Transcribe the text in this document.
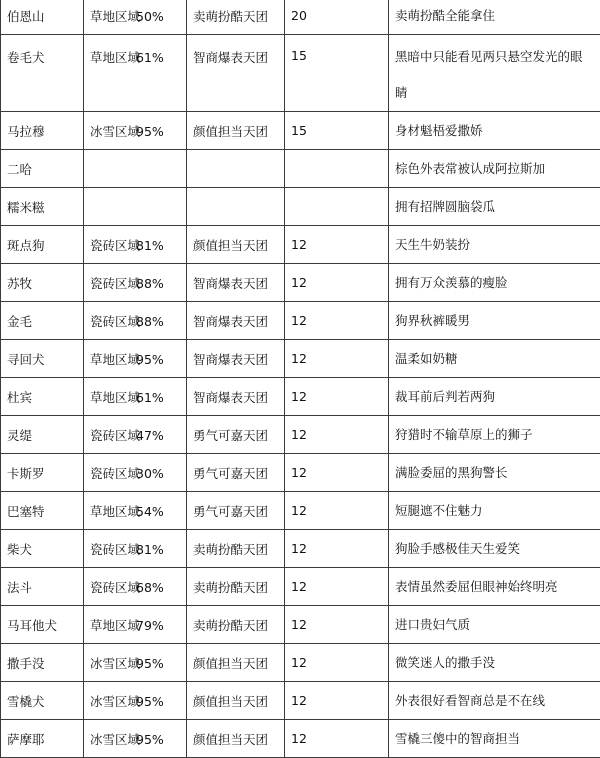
伯恩山	草地区域50%	卖萌扮酷天团	20	卖萌扮酷全能拿住
卷毛犬	草地区域61%	智商爆表天团	15	黑暗中只能看见两只悬空发光的眼睛
马拉穆	冰雪区域95%	颜值担当天团	15	身材魁梧爱撒娇
二哈				棕色外表常被认成阿拉斯加
糯米糍				拥有招牌圆脑袋瓜
斑点狗	瓷砖区域81%	颜值担当天团	12	天生牛奶装扮
苏牧	瓷砖区域88%	智商爆表天团	12	拥有万众羡慕的瘦脸
金毛	瓷砖区域88%	智商爆表天团	12	狗界秋裤暖男
寻回犬	草地区域95%	智商爆表天团	12	温柔如奶糖
杜宾	草地区域61%	智商爆表天团	12	裁耳前后判若两狗
灵缇	瓷砖区域47%	勇气可嘉天团	12	狩猎时不输草原上的狮子
卡斯罗	瓷砖区域30%	勇气可嘉天团	12	满脸委屈的黑狗警长
巴塞特	草地区域54%	勇气可嘉天团	12	短腿遮不住魅力
柴犬	瓷砖区域81%	卖萌扮酷天团	12	狗脸手感极佳天生爱笑
法斗	瓷砖区域68%	卖萌扮酷天团	12	表情虽然委屈但眼神始终明亮
马耳他犬	草地区域79%	卖萌扮酷天团	12	进口贵妇气质
撒手没	冰雪区域95%	颜值担当天团	12	微笑迷人的撒手没
雪橇犬	冰雪区域95%	颜值担当天团	12	外表很好看智商总是不在线
萨摩耶	冰雪区域95%	颜值担当天团	12	雪橇三傻中的智商担当
